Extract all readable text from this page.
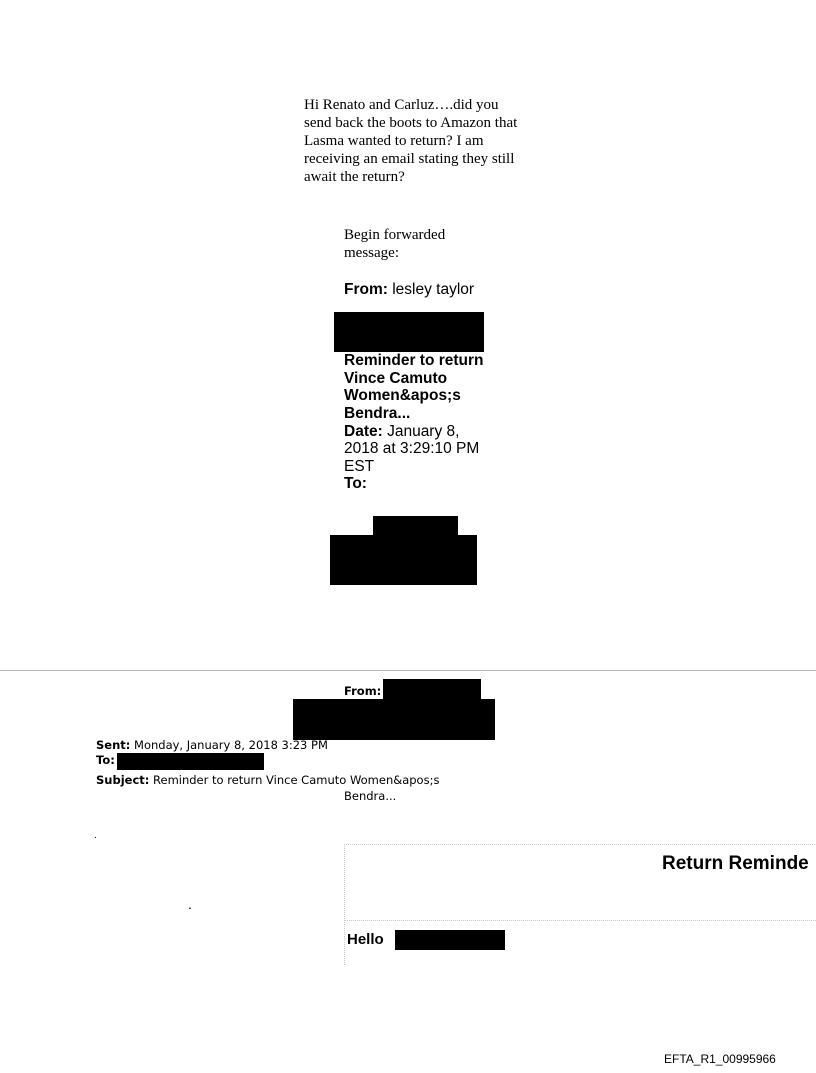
Hi Renato and Carluz….did you send back the boots to Amazon that Lasma wanted to return? I am receiving an email stating they still await the return?
Begin forwarded message:
From: lesley taylor
Reminder to return Vince Camuto Women&apos;s Bendra...
Date: January 8, 2018 at 3:29:10 PM EST
To:
From:
Sent: Monday, January 8, 2018 3:23 PM
To:
Subject: Reminder to return Vince Camuto Women&apos;s
Bendra...
.
.
Return Reminde
Hello
EFTA_R1_00995966
